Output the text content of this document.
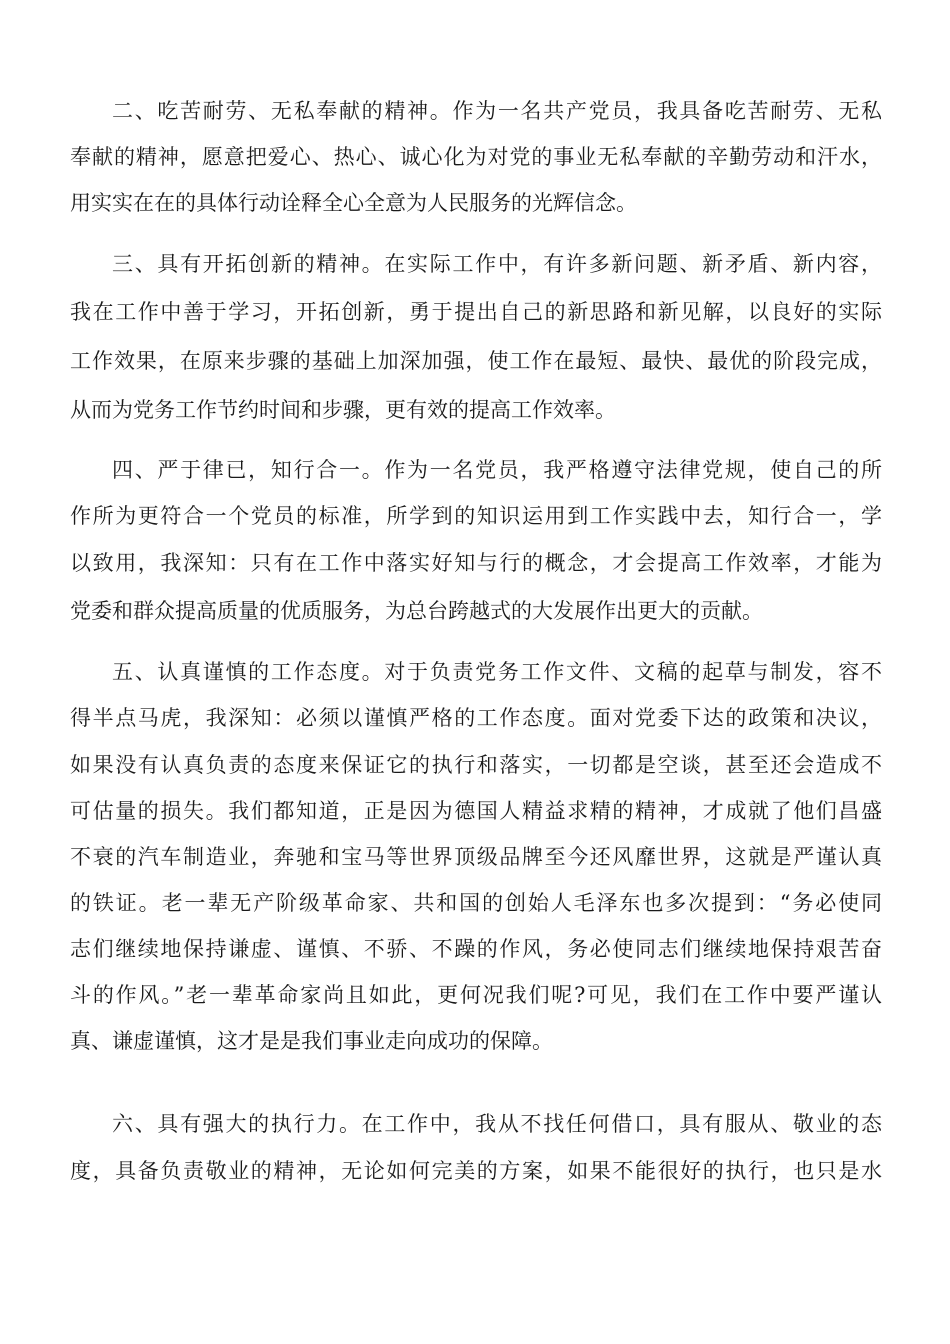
二、吃苦耐劳、无私奉献的精神。作为一名共产党员，我具备吃苦耐劳、无私
奉献的精神，愿意把爱心、热心、诚心化为对党的事业无私奉献的辛勤劳动和汗水，
用实实在在的具体行动诠释全心全意为人民服务的光辉信念。
三、具有开拓创新的精神。在实际工作中，有许多新问题、新矛盾、新内容，
我在工作中善于学习，开拓创新，勇于提出自己的新思路和新见解，以良好的实际
工作效果，在原来步骤的基础上加深加强，使工作在最短、最快、最优的阶段完成，
从而为党务工作节约时间和步骤，更有效的提高工作效率。
四、严于律已，知行合一。作为一名党员，我严格遵守法律党规，使自己的所
作所为更符合一个党员的标准，所学到的知识运用到工作实践中去，知行合一，学
以致用，我深知：只有在工作中落实好知与行的概念，才会提高工作效率，才能为
党委和群众提高质量的优质服务，为总台跨越式的大发展作出更大的贡献。
五、认真谨慎的工作态度。对于负责党务工作文件、文稿的起草与制发，容不
得半点马虎，我深知：必须以谨慎严格的工作态度。面对党委下达的政策和决议，
如果没有认真负责的态度来保证它的执行和落实，一切都是空谈，甚至还会造成不
可估量的损失。我们都知道，正是因为德国人精益求精的精神，才成就了他们昌盛
不衰的汽车制造业，奔驰和宝马等世界顶级品牌至今还风靡世界，这就是严谨认真
的铁证。老一辈无产阶级革命家、共和国的创始人毛泽东也多次提到：“务必使同
志们继续地保持谦虚、谨慎、不骄、不躁的作风，务必使同志们继续地保持艰苦奋
斗的作风。”老一辈革命家尚且如此，更何况我们呢?可见，我们在工作中要严谨认
真、谦虚谨慎，这才是是我们事业走向成功的保障。
六、具有强大的执行力。在工作中，我从不找任何借口，具有服从、敬业的态
度，具备负责敬业的精神，无论如何完美的方案，如果不能很好的执行，也只是水
